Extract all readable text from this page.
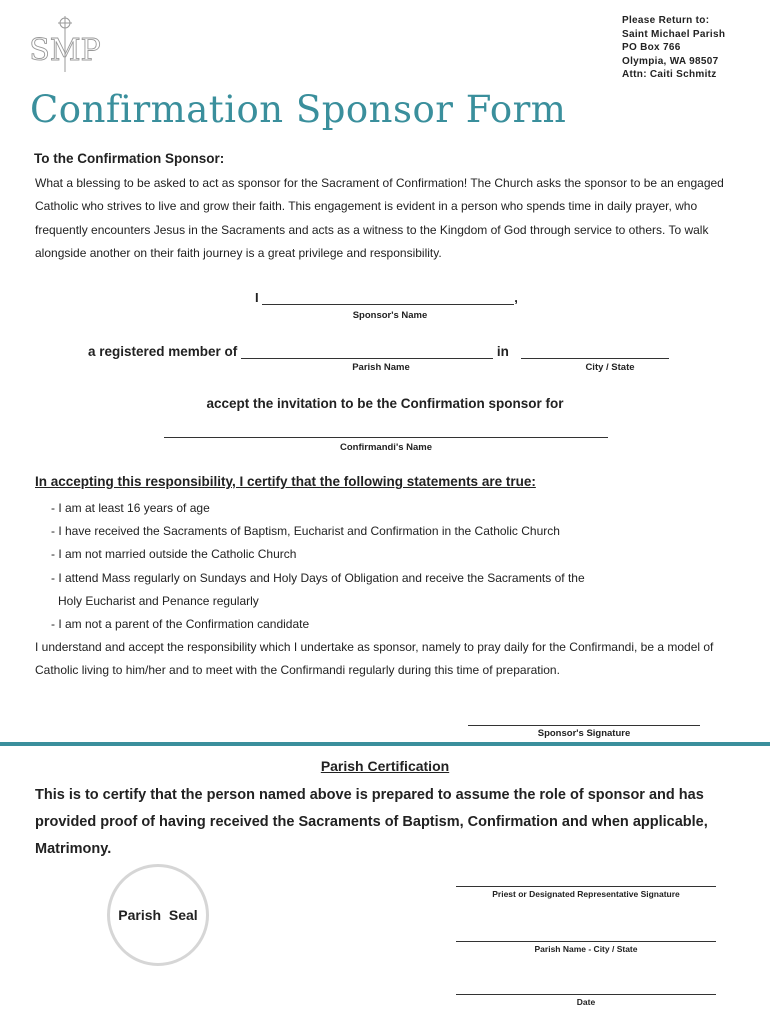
SMP
Please Return to:
Saint Michael Parish
PO Box 766
Olympia, WA 98507
Attn: Caiti Schmitz
Confirmation Sponsor Form
To the Confirmation Sponsor:
What a blessing to be asked to act as sponsor for the Sacrament of Confirmation! The Church asks the sponsor to be an engaged Catholic who strives to live and grow their faith. This engagement is evident in a person who spends time in daily prayer, who frequently encounters Jesus in the Sacraments and acts as a witness to the Kingdom of God through service to others. To walk alongside another on their faith journey is a great privilege and responsibility.
I	,
Sponsor's Name
a registered member of	in
Parish Name	City / State
accept the invitation to be the Confirmation sponsor for
Confirmandi's Name
In accepting this responsibility, I certify that the following statements are true:
- I am at least 16 years of age
- I have received the Sacraments of Baptism, Eucharist and Confirmation in the Catholic Church
- I am not married outside the Catholic Church
- I attend Mass regularly on Sundays and Holy Days of Obligation and receive the Sacraments of the
Holy Eucharist and Penance regularly
- I am not a parent of the Confirmation candidate
I understand and accept the responsibility which I undertake as sponsor, namely to pray daily for the Confirmandi, be a model of Catholic living to him/her and to meet with the Confirmandi regularly during this time of preparation.
Sponsor's Signature
Parish Certification
This is to certify that the person named above is prepared to assume the role of sponsor and has provided proof of having received the Sacraments of Baptism, Confirmation and when applicable, Matrimony.
Parish  Seal
Priest or Designated Representative Signature
Parish Name - City / State
Date
